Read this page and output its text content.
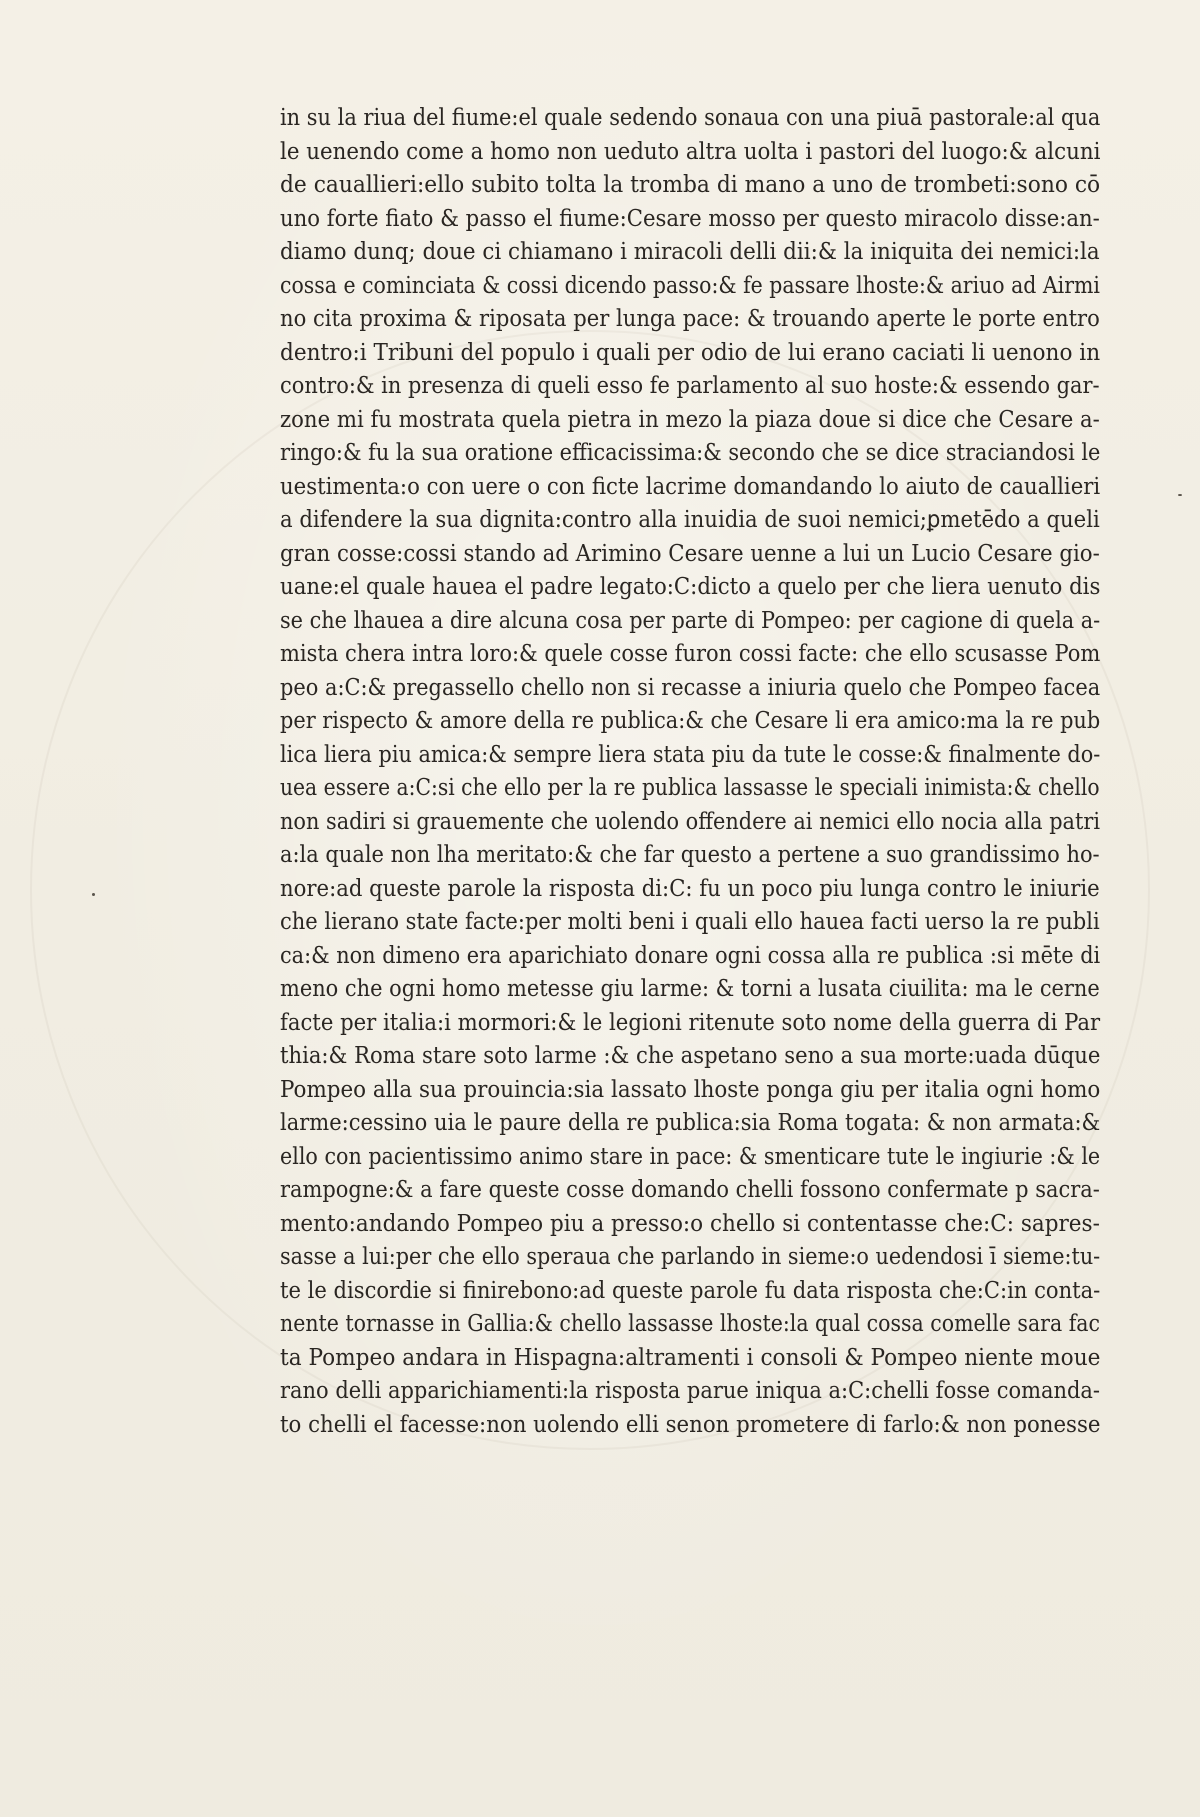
in su la riua del fiume:el quale sedendo sonaua con una piuā pastorale:al qua
le uenendo come a homo non ueduto altra uolta i pastori del luogo:& alcuni
de cauallieri:ello subito tolta la tromba di mano a uno de trombeti:sono cō
uno forte fiato & passo el fiume:Cesare mosso per questo miracolo disse:an-
diamo dunq; doue ci chiamano i miracoli delli dii:& la iniquita dei nemici:la
cossa e cominciata & cossi dicendo passo:& fe passare lhoste:& ariuo ad Airmi
no cita proxima & riposata per lunga pace: & trouando aperte le porte entro
dentro:i Tribuni del populo i quali per odio de lui erano caciati li uenono in
contro:& in presenza di queli esso fe parlamento al suo hoste:& essendo gar-
zone mi fu mostrata quela pietra in mezo la piaza doue si dice che Cesare a-
ringo:& fu la sua oratione efficacissima:& secondo che se dice straciandosi le
uestimenta:o con uere o con ficte lacrime domandando lo aiuto de cauallieri
a difendere la sua dignita:contro alla inuidia de suoi nemici;ꝑmetēdo a queli
gran cosse:cossi stando ad Arimino Cesare uenne a lui un Lucio Cesare gio-
uane:el quale hauea el padre legato:C:dicto a quelo per che liera uenuto dis
se che lhauea a dire alcuna cosa per parte di Pompeo: per cagione di quela a-
mista chera intra loro:& quele cosse furon cossi facte: che ello scusasse Pom
peo a:C:& pregassello chello non si recasse a iniuria quelo che Pompeo facea
per rispecto & amore della re publica:& che Cesare li era amico:ma la re pub
lica liera piu amica:& sempre liera stata piu da tute le cosse:& finalmente do-
uea essere a:C:si che ello per la re publica lassasse le speciali inimista:& chello
non sadiri si grauemente che uolendo offendere ai nemici ello nocia alla patri
a:la quale non lha meritato:& che far questo a pertene a suo grandissimo ho-
nore:ad queste parole la risposta di:C: fu un poco piu lunga contro le iniurie
che lierano state facte:per molti beni i quali ello hauea facti uerso la re publi
ca:& non dimeno era aparichiato donare ogni cossa alla re publica :si mēte di
meno che ogni homo metesse giu larme: & torni a lusata ciuilita: ma le cerne
facte per italia:i mormori:& le legioni ritenute soto nome della guerra di Par
thia:& Roma stare soto larme :& che aspetano seno a sua morte:uada dūque
Pompeo alla sua prouincia:sia lassato lhoste ponga giu per italia ogni homo
larme:cessino uia le paure della re publica:sia Roma togata: & non armata:&
ello con pacientissimo animo stare in pace: & smenticare tute le ingiurie :& le
rampogne:& a fare queste cosse domando chelli fossono confermate p sacra-
mento:andando Pompeo piu a presso:o chello si contentasse che:C: sapres-
sasse a lui:per che ello speraua che parlando in sieme:o uedendosi ī sieme:tu-
te le discordie si finirebono:ad queste parole fu data risposta che:C:in conta-
nente tornasse in Gallia:& chello lassasse lhoste:la qual cossa comelle sara fac
ta Pompeo andara in Hispagna:altramenti i consoli & Pompeo niente moue
rano delli apparichiamenti:la risposta parue iniqua a:C:chelli fosse comanda-
to chelli el facesse:non uolendo elli senon prometere di farlo:& non ponesse
